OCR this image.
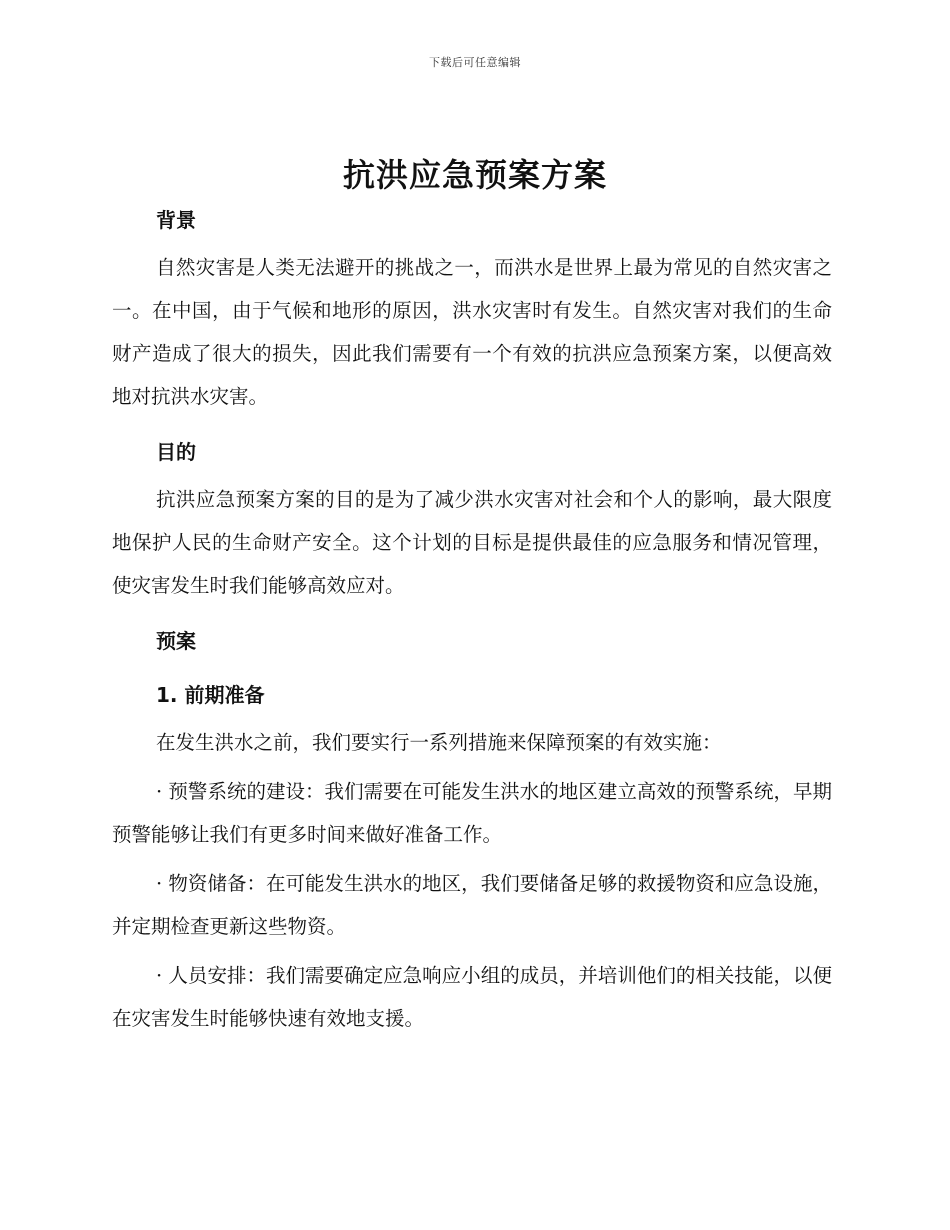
下载后可任意编辑
抗洪应急预案方案
背景

自然灾害是人类无法避开的挑战之一，而洪水是世界上最为常见的自然灾害之一。在中国，由于气候和地形的原因，洪水灾害时有发生。自然灾害对我们的生命财产造成了很大的损失，因此我们需要有一个有效的抗洪应急预案方案，以便高效地对抗洪水灾害。

目的

抗洪应急预案方案的目的是为了减少洪水灾害对社会和个人的影响，最大限度地保护人民的生命财产安全。这个计划的目标是提供最佳的应急服务和情况管理，使灾害发生时我们能够高效应对。

预案
1. 前期准备

在发生洪水之前，我们要实行一系列措施来保障预案的有效实施：

· 预警系统的建设：我们需要在可能发生洪水的地区建立高效的预警系统，早期预警能够让我们有更多时间来做好准备工作。

· 物资储备：在可能发生洪水的地区，我们要储备足够的救援物资和应急设施，并定期检查更新这些物资。

· 人员安排：我们需要确定应急响应小组的成员，并培训他们的相关技能，以便在灾害发生时能够快速有效地支援。
